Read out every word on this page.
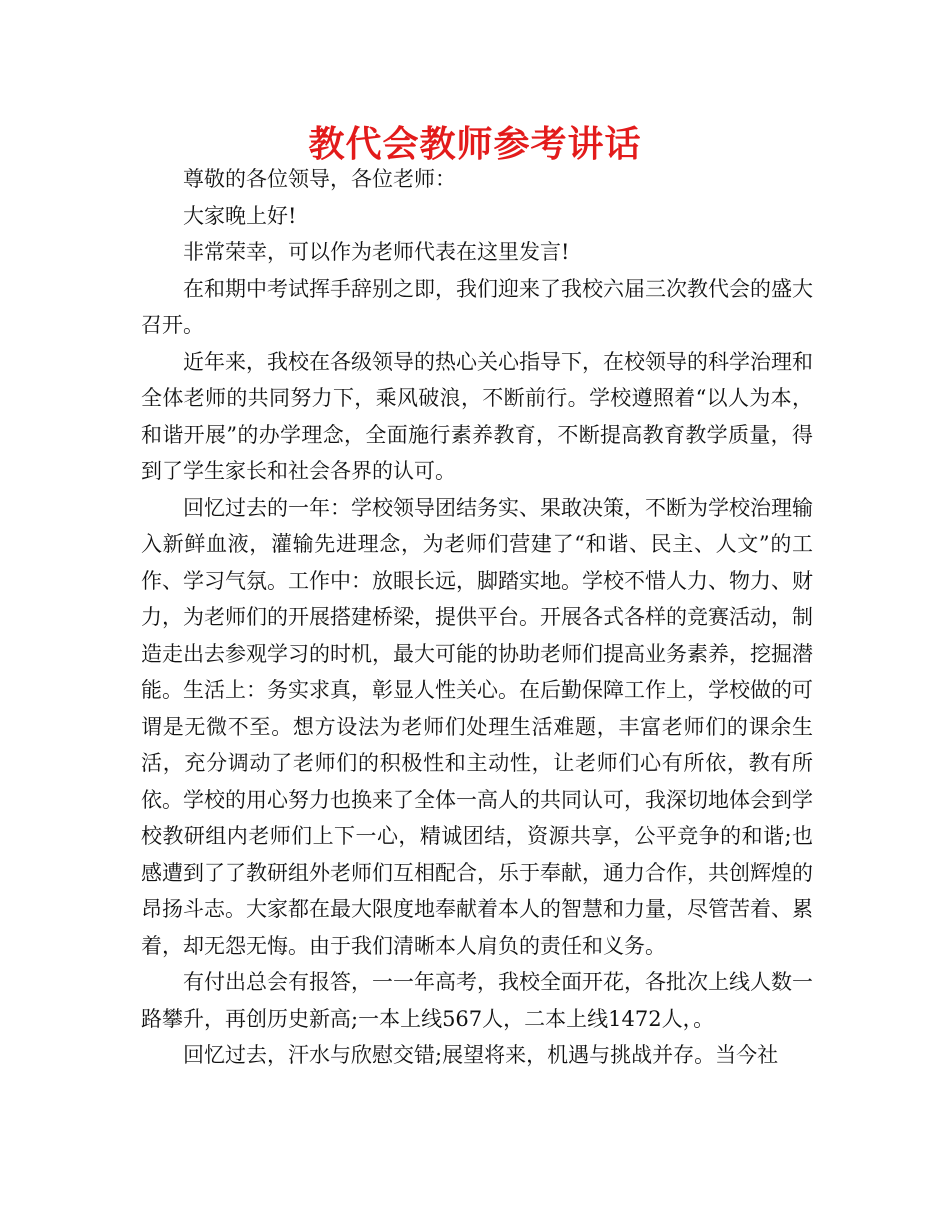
教代会教师参考讲话

尊敬的各位领导，各位老师：

大家晚上好!

非常荣幸，可以作为老师代表在这里发言!

在和期中考试挥手辞别之即，我们迎来了我校六届三次教代会的盛大召开。

近年来，我校在各级领导的热心关心指导下，在校领导的科学治理和全体老师的共同努力下，乘风破浪，不断前行。学校遵照着“以人为本，和谐开展”的办学理念，全面施行素养教育，不断提高教育教学质量，得到了学生家长和社会各界的认可。

回忆过去的一年：学校领导团结务实、果敢决策，不断为学校治理输入新鲜血液，灌输先进理念，为老师们营建了“和谐、民主、人文”的工作、学习气氛。工作中：放眼长远，脚踏实地。学校不惜人力、物力、财力，为老师们的开展搭建桥梁，提供平台。开展各式各样的竞赛活动，制造走出去参观学习的时机，最大可能的协助老师们提高业务素养，挖掘潜能。生活上：务实求真，彰显人性关心。在后勤保障工作上，学校做的可谓是无微不至。想方设法为老师们处理生活难题，丰富老师们的课余生活，充分调动了老师们的积极性和主动性，让老师们心有所依，教有所依。学校的用心努力也换来了全体一高人的共同认可，我深切地体会到学校教研组内老师们上下一心，精诚团结，资源共享，公平竞争的和谐;也感遭到了了教研组外老师们互相配合，乐于奉献，通力合作，共创辉煌的昂扬斗志。大家都在最大限度地奉献着本人的智慧和力量，尽管苦着、累着，却无怨无悔。由于我们清晰本人肩负的责任和义务。

有付出总会有报答，一一年高考，我校全面开花，各批次上线人数一路攀升，再创历史新高;一本上线567人，二本上线1472人，。

回忆过去，汗水与欣慰交错;展望将来，机遇与挑战并存。当今社
